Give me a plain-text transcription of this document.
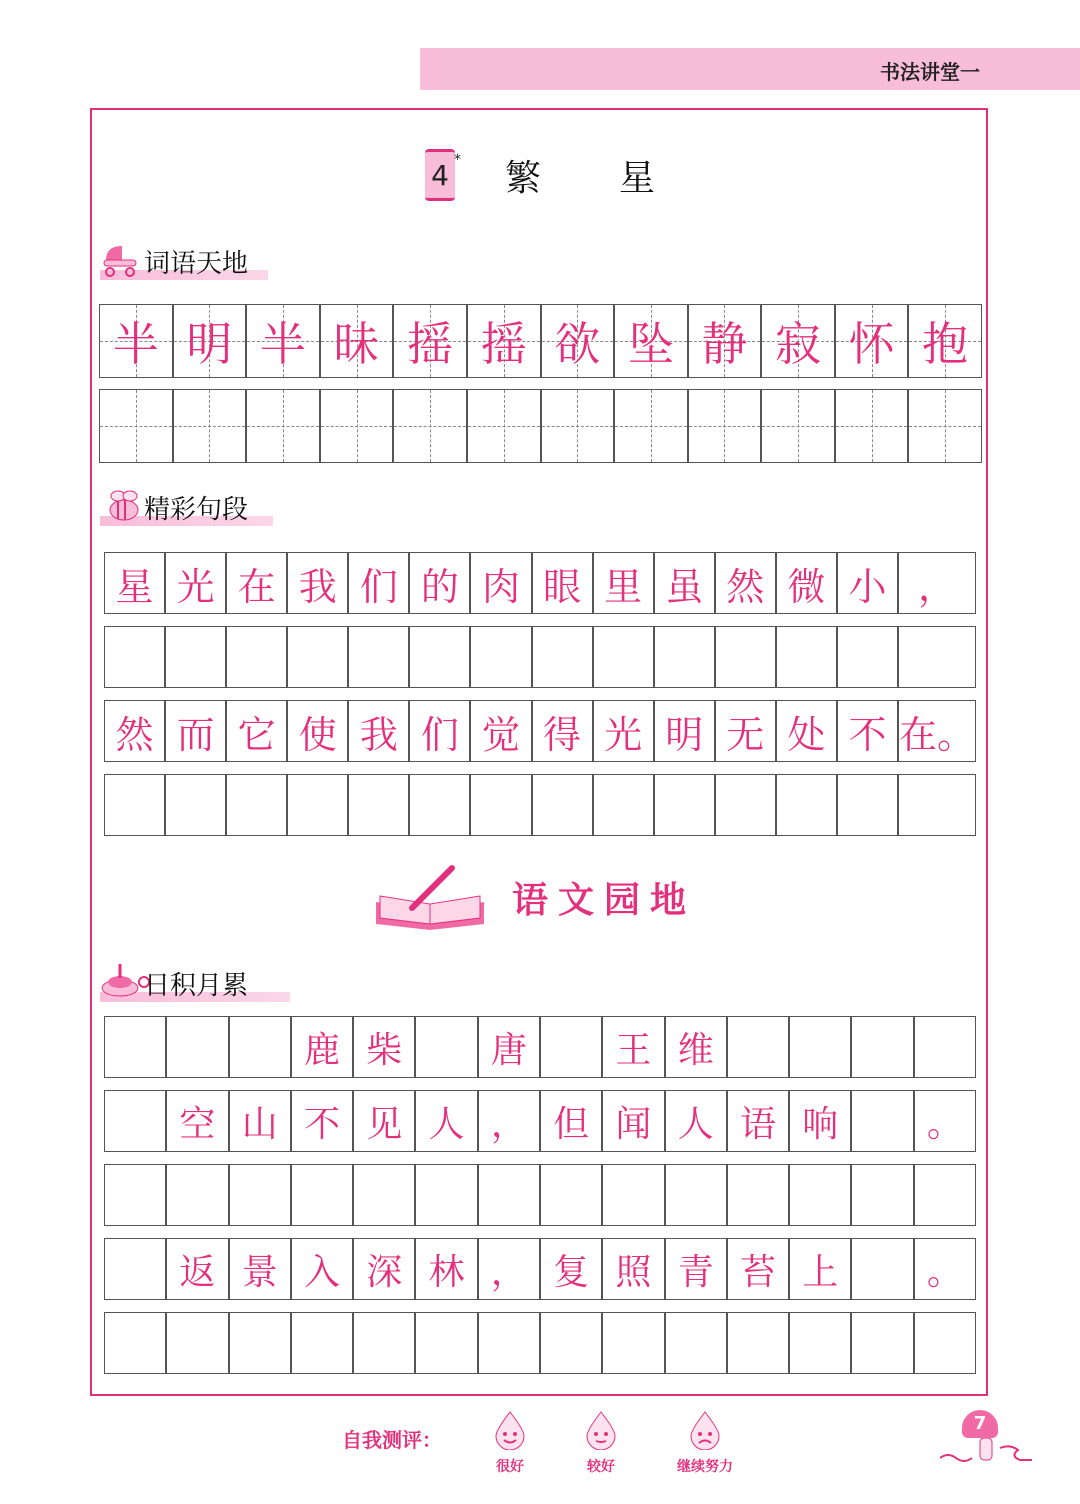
书法讲堂一
4 * 繁星
词语天地
半 明 半 昧 摇 摇 欲 坠 静 寂 怀 抱
精彩句段
星 光 在 我 们 的 肉 眼 里 虽 然 微 小 ，
然 而 它 使 我 们 觉 得 光 明 无 处 不 在。
语文园地
日积月累
鹿 柴 唐 王 维
空 山 不 见 人 ， 但 闻 人 语 响 。
返 景 入 深 林 ， 复 照 青 苔 上 。
自我测评：
很好	较好	继续努力
7
